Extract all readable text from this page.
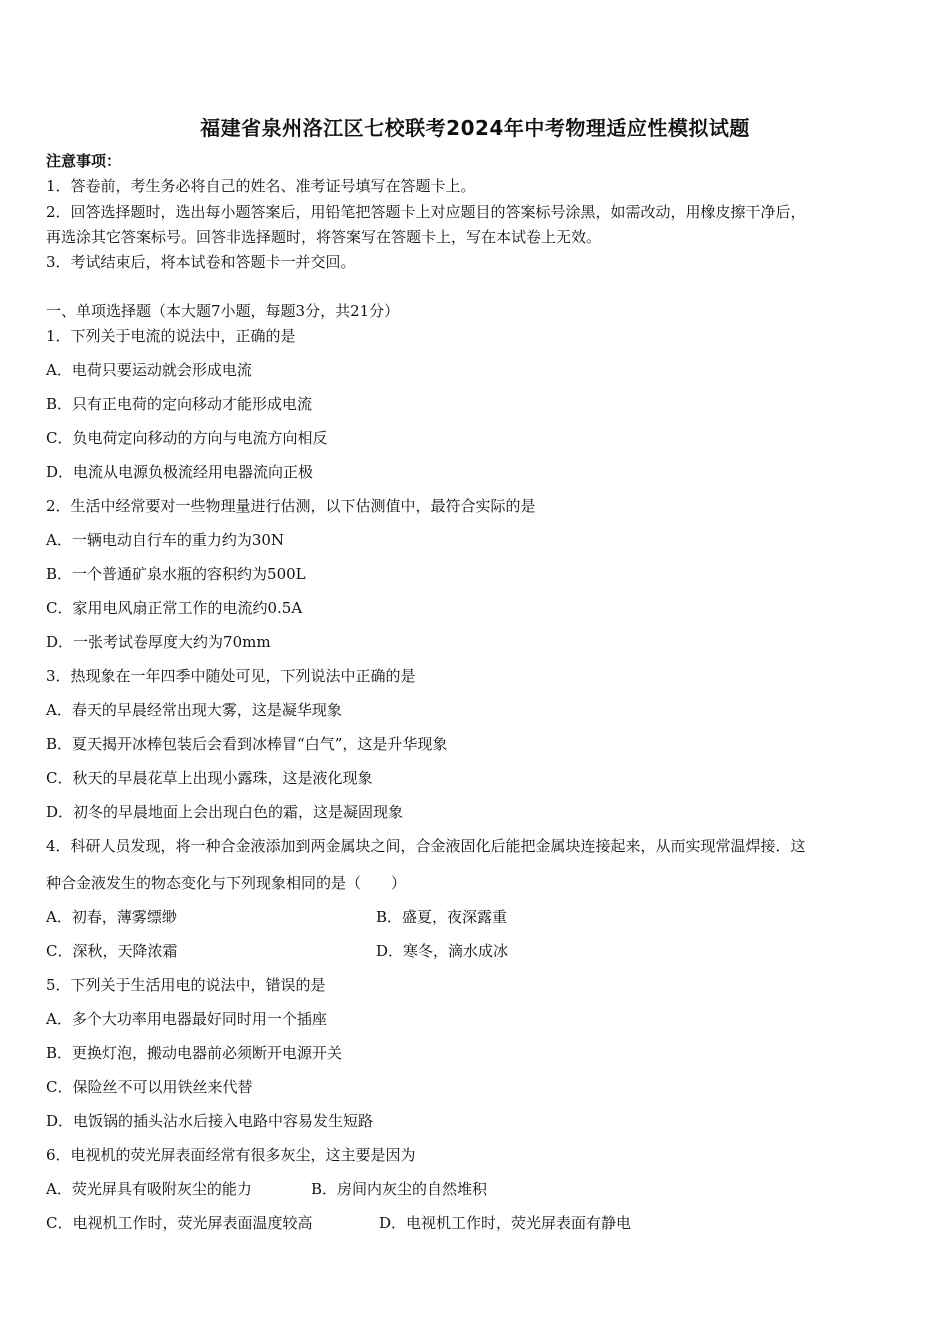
福建省泉州洛江区七校联考2024年中考物理适应性模拟试题
注意事项：
1．答卷前，考生务必将自己的姓名、准考证号填写在答题卡上。
2．回答选择题时，选出每小题答案后，用铅笔把答题卡上对应题目的答案标号涂黑，如需改动，用橡皮擦干净后，
再选涂其它答案标号。回答非选择题时，将答案写在答题卡上，写在本试卷上无效。
3．考试结束后，将本试卷和答题卡一并交回。
一、单项选择题（本大题7小题，每题3分，共21分）
1．下列关于电流的说法中，正确的是
A．电荷只要运动就会形成电流
B．只有正电荷的定向移动才能形成电流
C．负电荷定向移动的方向与电流方向相反
D．电流从电源负极流经用电器流向正极
2．生活中经常要对一些物理量进行估测，以下估测值中，最符合实际的是
A．一辆电动自行车的重力约为30N
B．一个普通矿泉水瓶的容积约为500L
C．家用电风扇正常工作的电流约0.5A
D．一张考试卷厚度大约为70mm
3．热现象在一年四季中随处可见，下列说法中正确的是
A．春天的早晨经常出现大雾，这是凝华现象
B．夏天揭开冰棒包装后会看到冰棒冒“白气”，这是升华现象
C．秋天的早晨花草上出现小露珠，这是液化现象
D．初冬的早晨地面上会出现白色的霜，这是凝固现象
4．科研人员发现，将一种合金液添加到两金属块之间，合金液固化后能把金属块连接起来，从而实现常温焊接．这
种合金液发生的物态变化与下列现象相同的是（　　）
A．初春，薄雾缥缈	B．盛夏，夜深露重
C．深秋，天降浓霜	D．寒冬，滴水成冰
5．下列关于生活用电的说法中，错误的是
A．多个大功率用电器最好同时用一个插座
B．更换灯泡，搬动电器前必须断开电源开关
C．保险丝不可以用铁丝来代替
D．电饭锅的插头沾水后接入电路中容易发生短路
6．电视机的荧光屏表面经常有很多灰尘，这主要是因为
A．荧光屏具有吸附灰尘的能力	B．房间内灰尘的自然堆积
C．电视机工作时，荧光屏表面温度较高	D．电视机工作时，荧光屏表面有静电
